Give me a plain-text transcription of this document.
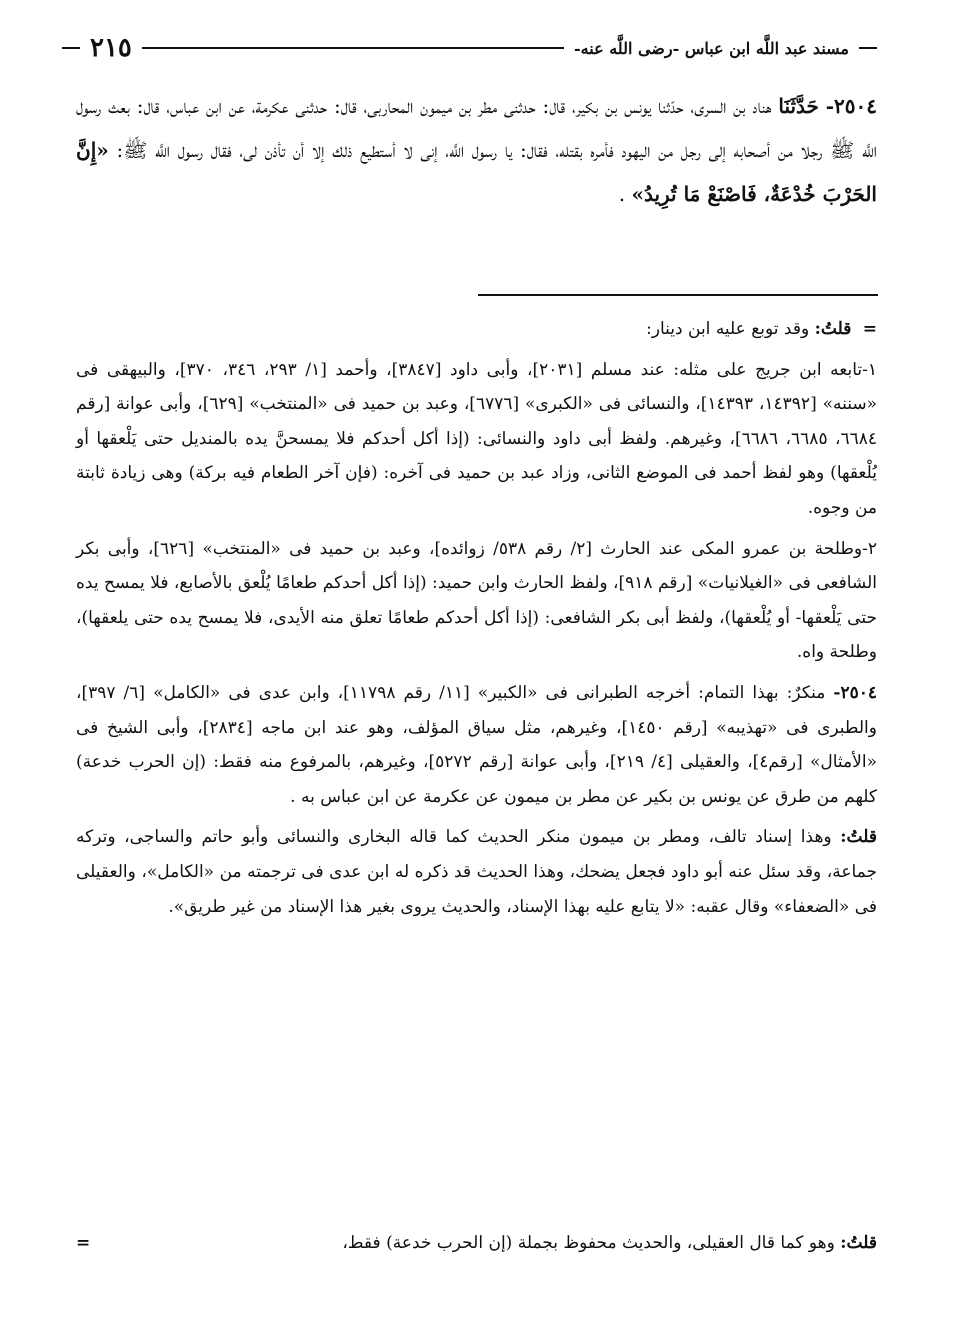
مسند عبد اللَّه ابن عباس -رضى اللَّه عنه-
٢١٥
٢٥٠٤- حَدَّثَنَا هناد بن السرى، حدّثنا يونس بن بكير، قال: حدثنى مطر بن ميمون المحاربى، قال: حدثنى عكرمة، عن ابن عباس، قال: بعث رسول اللَّه ﷺ رجلا من أصحابه إلى رجل من اليهود فأمره بقتله، فقال: يا رسول اللَّه، إنى لا أستطيع ذلك إلا أن تأذن لى، فقال رسول اللَّه ﷺ: «إِنَّ الحَرْبَ خُدْعَةٌ، فَاصْنَعْ مَا تُرِيدُ» .

= قلتُ: وقد توبع عليه ابن دينار:

١-تابعه ابن جريج على مثله: عند مسلم [٢٠٣١]، وأبى داود [٣٨٤٧]، وأحمد [١/ ٢٩٣، ٣٤٦، ٣٧٠]، والبيهقى فى «سننه» [١٤٣٩٢، ١٤٣٩٣]، والنسائى فى «الكبرى» [٦٧٧٦]، وعبد بن حميد فى «المنتخب» [٦٢٩]، وأبى عوانة [رقم ٦٦٨٤، ٦٦٨٥، ٦٦٨٦]، وغيرهم. ولفظ أبى داود والنسائى: (إذا أكل أحدكم فلا يمسحنَّ يده بالمنديل حتى يَلْعقها أو يُلْعقها) وهو لفظ أحمد فى الموضع الثانى، وزاد عبد بن حميد فى آخره: (فإن آخر الطعام فيه بركة) وهى زيادة ثابتة من وجوه.

٢-وطلحة بن عمرو المكى عند الحارث [٢/ رقم ٥٣٨/ زوائده]، وعبد بن حميد فى «المنتخب» [٦٢٦]، وأبى بكر الشافعى فى «الغيلانيات» [رقم ٩١٨]، ولفظ الحارث وابن حميد: (إذا أكل أحدكم طعامًا يُلْعق بالأصابع، فلا يمسح يده حتى يَلْعقها- أو يُلْعقها)، ولفظ أبى بكر الشافعى: (إذا أكل أحدكم طعامًا تعلق منه الأيدى، فلا يمسح يده حتى يلعقها)، وطلحة واه.

٢٥٠٤- منكرٌ: بهذا التمام: أخرجه الطبرانى فى «الكبير» [١١/ رقم ١١٧٩٨]، وابن عدى فى «الكامل» [٦/ ٣٩٧]، والطبرى فى «تهذيبه» [رقم ١٤٥٠]، وغيرهم، مثل سياق المؤلف، وهو عند ابن ماجه [٢٨٣٤]، وأبى الشيخ فى «الأمثال» [رقم٤]، والعقيلى [٤/ ٢١٩]، وأبى عوانة [رقم ٥٢٧٢]، وغيرهم، بالمرفوع منه فقط: (إن الحرب خدعة) كلهم من طرق عن يونس بن بكير عن مطر بن ميمون عن عكرمة عن ابن عباس به .

قلتُ: وهذا إسناد تالف، ومطر بن ميمون منكر الحديث كما قاله البخارى والنسائى وأبو حاتم والساجى، وتركه جماعة، وقد سئل عنه أبو داود فجعل يضحك، وهذا الحديث قد ذكره له ابن عدى فى ترجمته من «الكامل»، والعقيلى فى «الضعفاء» وقال عقبه: «لا يتابع عليه بهذا الإسناد، والحديث يروى بغير هذا الإسناد من غير طريق».

قلتُ: وهو كما قال العقيلى، والحديث محفوظ بجملة (إن الحرب خدعة) فقط،
=
